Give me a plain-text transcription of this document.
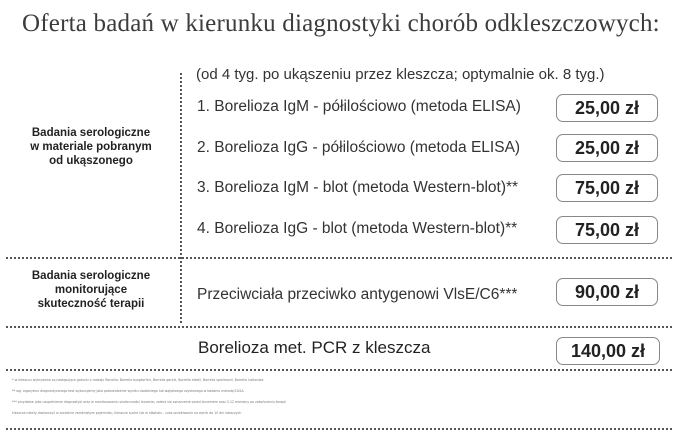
Oferta badań w kierunku diagnostyki chorób odkleszczowych:
Badania serologiczne
w materiale pobranym
od ukąszonego
(od 4 tyg. po ukąszeniu przez kleszcza; optymalnie ok. 8 tyg.)
1. Borelioza IgM - półilościowo (metoda ELISA)	25,00 zł
2. Borelioza IgG - półilościowo (metoda ELISA)	25,00 zł
3. Borelioza IgM - blot (metoda Western-blot)**	75,00 zł
4. Borelioza IgG - blot (metoda Western-blot)**	75,00 zł
Badania serologiczne
monitorujące
skuteczność terapii
Przeciwciała przeciwko antygenowi VlsE/C6***	90,00 zł
Borelioza met. PCR z kleszcza	140,00 zł
* w kleszczu wykrywane są następujące gatunki z rodzaju Borrelia: Borrelia burgdorferi, Borrelia garinii, Borrelia afzelii, Borrelia spielmanii, Borrelia lusitaniae
** wg. algorytmu diagnostycznego test wykonujemy jako potwierdzenie wyniku dodatniego lub wątpliwego uzyskanego w badaniu metodą ELISA
*** przydatne jako uzupełnienie diagnostyki oraz w monitorowaniu skuteczności leczenia; zaleca się oznaczenie przed leczeniem oraz 3-12 miesięcy po zakończeniu terapii
kleszcza należy dostarczyć w szczelnie zamkniętym pojemniku, kleszcze suche lub w alkoholu - czas oczekiwania na wynik do 10 dni roboczych
